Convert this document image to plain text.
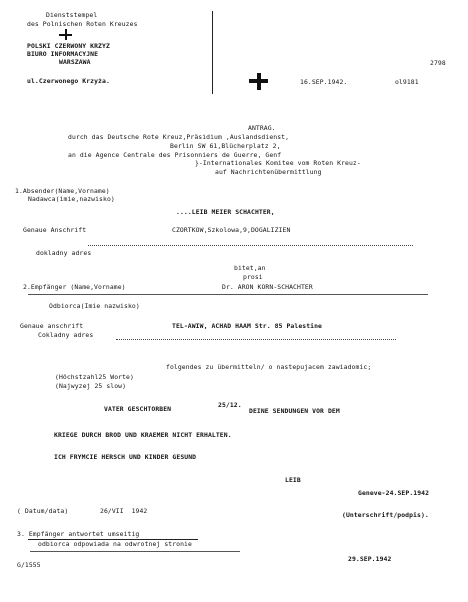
Dienststempel
des Polnischen Roten Kreuzes
POLSKI CZERWONY KRZYZ
BIURO INFORMACYJNE
WARSZAWA
ul.Czerwonego Krzyża.
2798
16.SEP.1942.	ol9181
ANTRAG.
durch das Deutsche Rote Kreuz,Präsidium ,Auslandsdienst,
Berlin SW 61,Blücherplatz 2,
an die Agence Centrale des Prisonniers de Guerre, Genf
}-Internationales Komitee vom Roten Kreuz-
auf Nachrichtenübermittlung
1.Absender(Name,Vorname)
Nadawca(imie,nazwisko)
....LEIB MEIER SCHACHTER,
Genaue Anschrift	CZORTKOW,Szkolowa,9,DOGALIZIEN
dokladny adres
bitet,an
prosi
2.Empfänger (Name,Vorname)	Dr. ARON KORN-SCHACHTER
Odbiorca(Imie nazwisko)
Genaue anschrift	TEL-AWIW, ACHAD HAAM Str. 85 Palestine
Cokladny adres
folgendes zu übermitteln/ o nastepujacem zawiadomic;
(Höchstzahl25 Worte)
(Najwyzej 25 slow)
VATER GESCHTORBEN	25/12.
DEINE SENDUNGEN VOR DEM
KRIEGE DURCH BROD UND KRAEMER NICHT ERHALTEN.
ICH FRYMCIE HERSCH UND KINDER GESUND
LEIB
Geneve-24.SEP.1942
( Datum/data)	26/VII  1942	(Unterschrift/podpis).
3. Empfänger antwortet umseitig
odbiorca odpowiada na odwrotnej stronie
29.SEP.1942
G/1555
